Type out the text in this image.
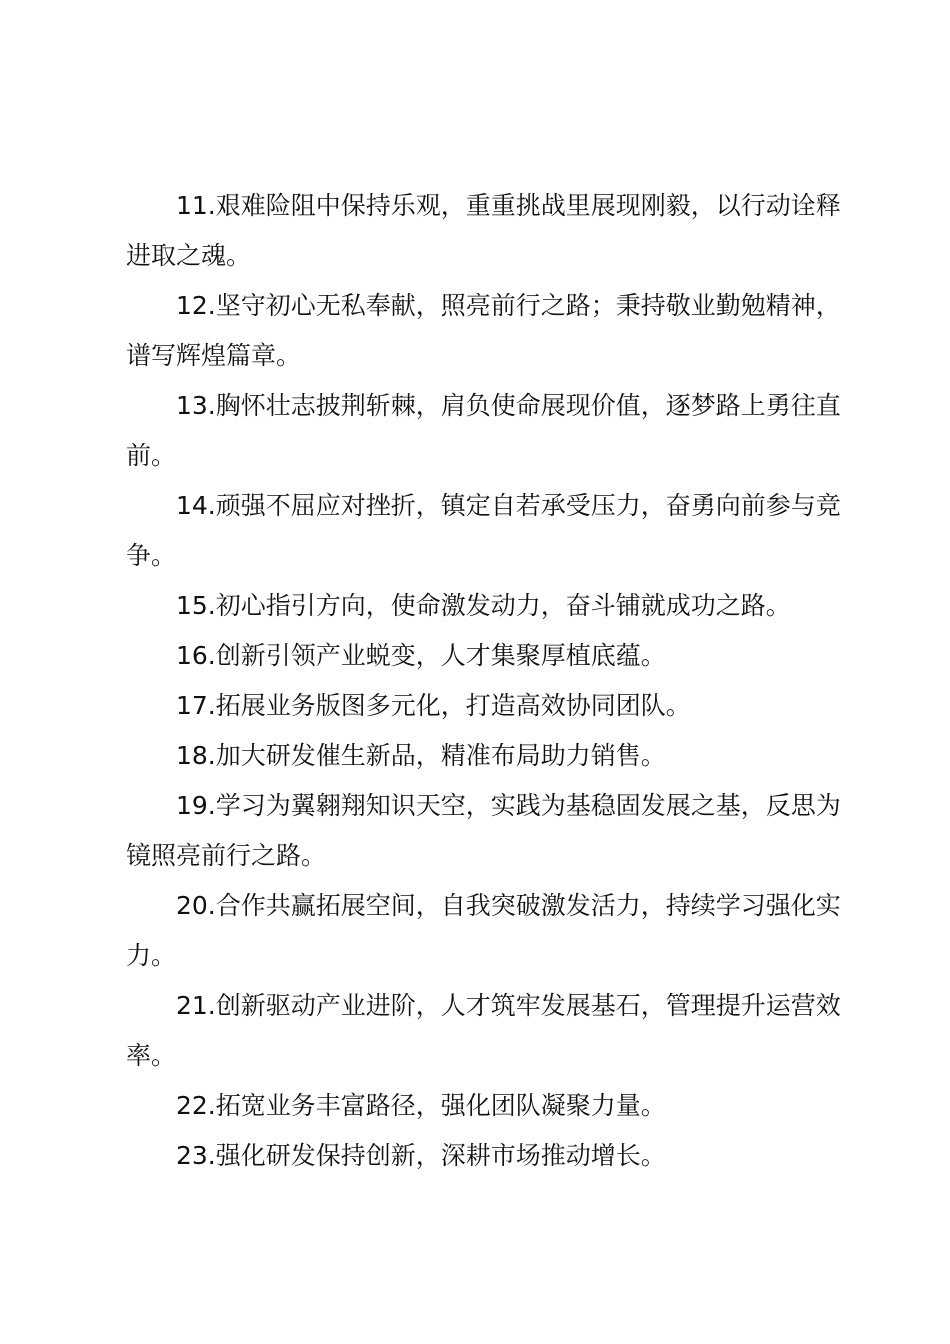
11.艰难险阻中保持乐观，重重挑战里展现刚毅，以行动诠释进取之魂。

12.坚守初心无私奉献，照亮前行之路；秉持敬业勤勉精神，谱写辉煌篇章。

13.胸怀壮志披荆斩棘，肩负使命展现价值，逐梦路上勇往直前。

14.顽强不屈应对挫折，镇定自若承受压力，奋勇向前参与竞争。

15.初心指引方向，使命激发动力，奋斗铺就成功之路。

16.创新引领产业蜕变，人才集聚厚植底蕴。

17.拓展业务版图多元化，打造高效协同团队。

18.加大研发催生新品，精准布局助力销售。

19.学习为翼翱翔知识天空，实践为基稳固发展之基，反思为镜照亮前行之路。

20.合作共赢拓展空间，自我突破激发活力，持续学习强化实力。

21.创新驱动产业进阶，人才筑牢发展基石，管理提升运营效率。

22.拓宽业务丰富路径，强化团队凝聚力量。

23.强化研发保持创新，深耕市场推动增长。
